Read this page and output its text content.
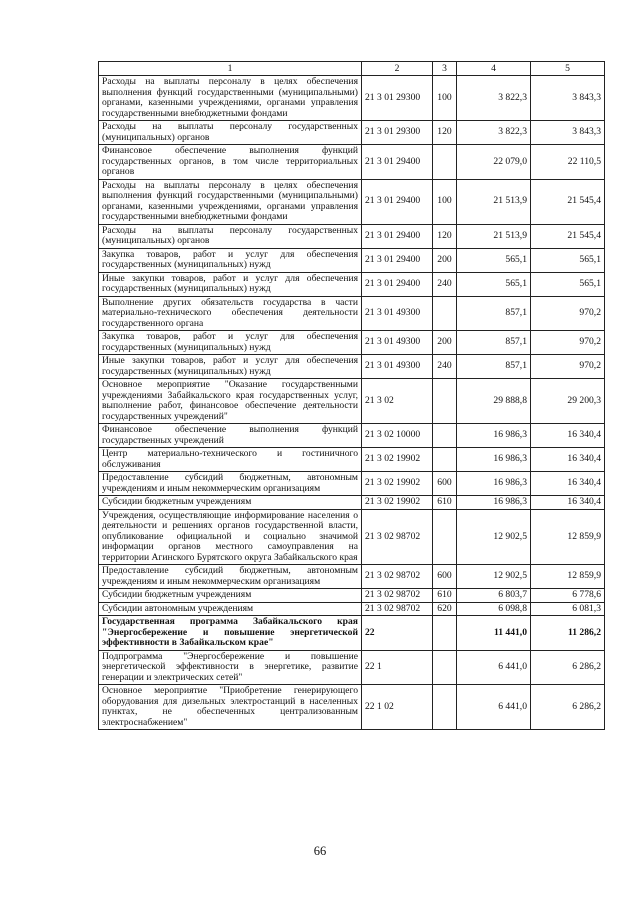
1	2	3	4	5
Расходы на выплаты персоналу в целях обеспечения выполнения функций государственными (муниципальными) органами, казенными учреждениями, органами управления государственными внебюджетными фондами	21 3 01 29300	100	3 822,3	3 843,3
Расходы на выплаты персоналу государственных (муниципальных) органов	21 3 01 29300	120	3 822,3	3 843,3
Финансовое обеспечение выполнения функций государственных органов, в том числе территориальных органов	21 3 01 29400		22 079,0	22 110,5
Расходы на выплаты персоналу в целях обеспечения выполнения функций государственными (муниципальными) органами, казенными учреждениями, органами управления государственными внебюджетными фондами	21 3 01 29400	100	21 513,9	21 545,4
Расходы на выплаты персоналу государственных (муниципальных) органов	21 3 01 29400	120	21 513,9	21 545,4
Закупка товаров, работ и услуг для обеспечения государственных (муниципальных) нужд	21 3 01 29400	200	565,1	565,1
Иные закупки товаров, работ и услуг для обеспечения государственных (муниципальных) нужд	21 3 01 29400	240	565,1	565,1
Выполнение других обязательств государства в части материально-технического обеспечения деятельности государственного органа	21 3 01 49300		857,1	970,2
Закупка товаров, работ и услуг для обеспечения государственных (муниципальных) нужд	21 3 01 49300	200	857,1	970,2
Иные закупки товаров, работ и услуг для обеспечения государственных (муниципальных) нужд	21 3 01 49300	240	857,1	970,2
Основное мероприятие "Оказание государственными учреждениями Забайкальского края государственных услуг, выполнение работ, финансовое обеспечение деятельности государственных учреждений"	21 3 02		29 888,8	29 200,3
Финансовое обеспечение выполнения функций государственных учреждений	21 3 02 10000		16 986,3	16 340,4
Центр материально-технического и гостиничного обслуживания	21 3 02 19902		16 986,3	16 340,4
Предоставление субсидий бюджетным, автономным учреждениям и иным некоммерческим организациям	21 3 02 19902	600	16 986,3	16 340,4
Субсидии бюджетным учреждениям	21 3 02 19902	610	16 986,3	16 340,4
Учреждения, осуществляющие информирование населения о деятельности и решениях органов государственной власти, опубликование официальной и социально значимой информации органов местного самоуправления на территории Агинского Бурятского округа Забайкальского края	21 3 02 98702		12 902,5	12 859,9
Предоставление субсидий бюджетным, автономным учреждениям и иным некоммерческим организациям	21 3 02 98702	600	12 902,5	12 859,9
Субсидии бюджетным учреждениям	21 3 02 98702	610	6 803,7	6 778,6
Субсидии автономным учреждениям	21 3 02 98702	620	6 098,8	6 081,3
Государственная программа Забайкальского края "Энергосбережение и повышение энергетической эффективности в Забайкальском крае"	22		11 441,0	11 286,2
Подпрограмма "Энергосбережение и повышение энергетической эффективности в энергетике, развитие генерации и электрических сетей"	22 1		6 441,0	6 286,2
Основное мероприятие "Приобретение генерирующего оборудования для дизельных электростанций в населенных пунктах, не обеспеченных централизованным электроснабжением"	22 1 02		6 441,0	6 286,2
66
